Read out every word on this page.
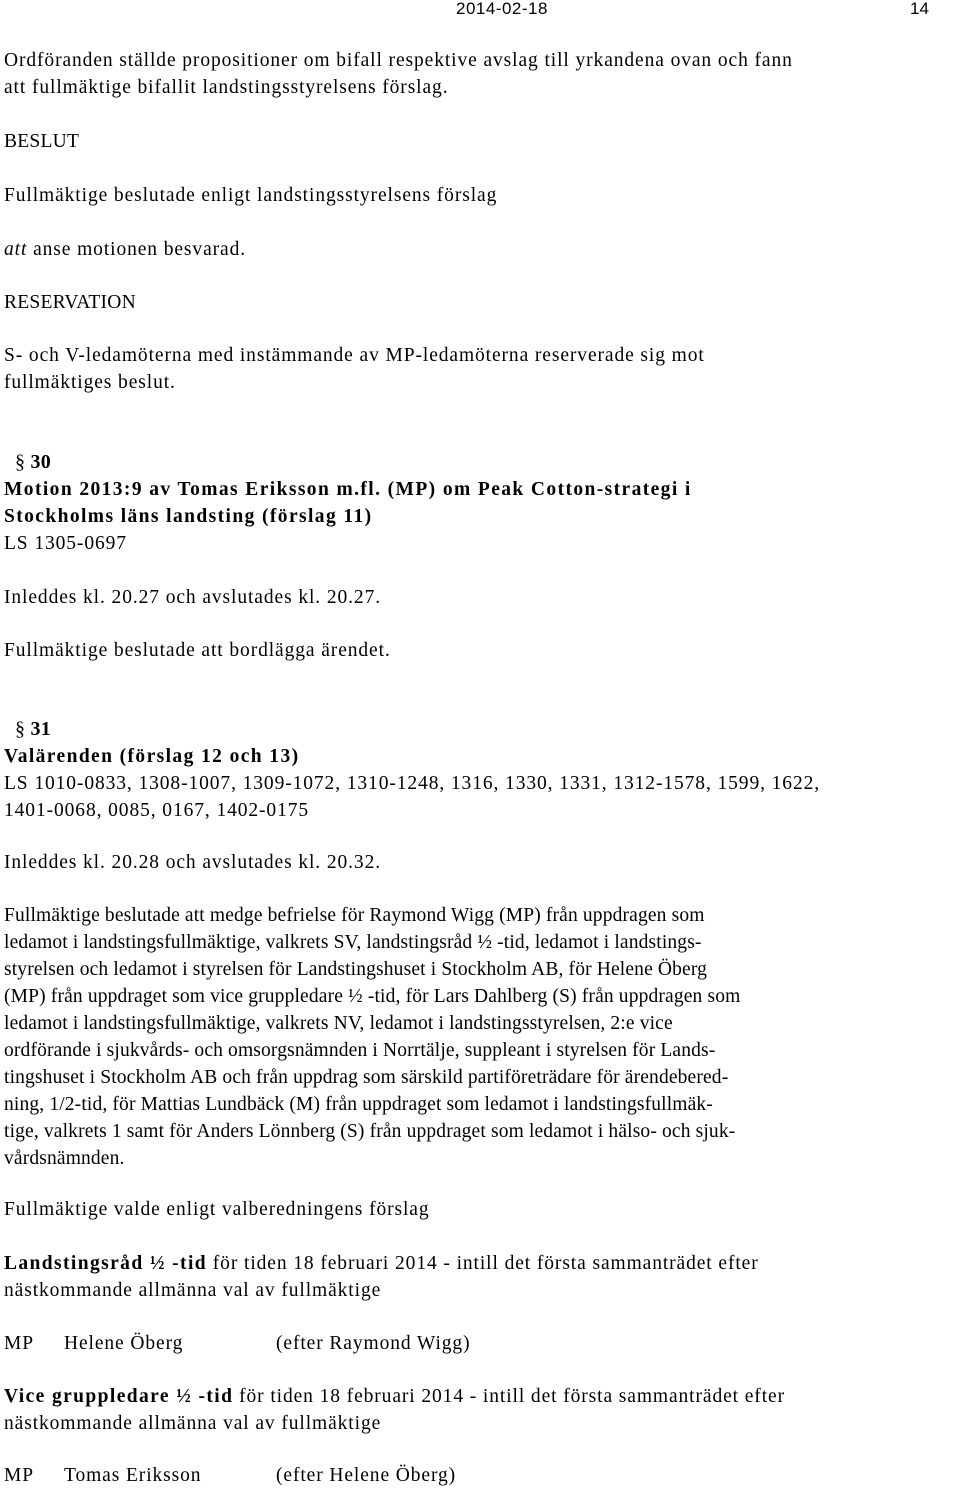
2014-02-18	14
Ordföranden ställde propositioner om bifall respektive avslag till yrkandena ovan och fann
att fullmäktige bifallit landstingsstyrelsens förslag.
BESLUT
Fullmäktige beslutade enligt landstingsstyrelsens förslag
att anse motionen besvarad.
RESERVATION
S- och V-ledamöterna med instämmande av MP-ledamöterna reserverade sig mot
fullmäktiges beslut.
§ 30
Motion 2013:9 av Tomas Eriksson m.fl. (MP) om Peak Cotton-strategi i
Stockholms läns landsting (förslag 11)
LS 1305-0697
Inleddes kl. 20.27 och avslutades kl. 20.27.
Fullmäktige beslutade att bordlägga ärendet.
§ 31
Valärenden (förslag 12 och 13)
LS 1010-0833, 1308-1007, 1309-1072, 1310-1248, 1316, 1330, 1331, 1312-1578, 1599, 1622,
1401-0068, 0085, 0167, 1402-0175
Inleddes kl. 20.28 och avslutades kl. 20.32.
Fullmäktige beslutade att medge befrielse för Raymond Wigg (MP) från uppdragen som
ledamot i landstingsfullmäktige, valkrets SV, landstingsråd ½ -tid, ledamot i landstings-
styrelsen och ledamot i styrelsen för Landstingshuset i Stockholm AB, för Helene Öberg
(MP) från uppdraget som vice gruppledare ½ -tid, för Lars Dahlberg (S) från uppdragen som
ledamot i landstingsfullmäktige, valkrets NV, ledamot i landstingsstyrelsen, 2:e vice
ordförande i sjukvårds- och omsorgsnämnden i Norrtälje, suppleant i styrelsen för Lands-
tingshuset i Stockholm AB och från uppdrag som särskild partiföreträdare för ärendebered-
ning, 1/2-tid, för Mattias Lundbäck (M) från uppdraget som ledamot i landstingsfullmäk-
tige, valkrets 1 samt för Anders Lönnberg (S) från uppdraget som ledamot i hälso- och sjuk-
vårdsnämnden.
Fullmäktige valde enligt valberedningens förslag
Landstingsråd ½ -tid för tiden 18 februari 2014 - intill det första sammanträdet efter
nästkommande allmänna val av fullmäktige
MP Helene Öberg	(efter Raymond Wigg)
Vice gruppledare ½ -tid för tiden 18 februari 2014 - intill det första sammanträdet efter
nästkommande allmänna val av fullmäktige
MP Tomas Eriksson	(efter Helene Öberg)
